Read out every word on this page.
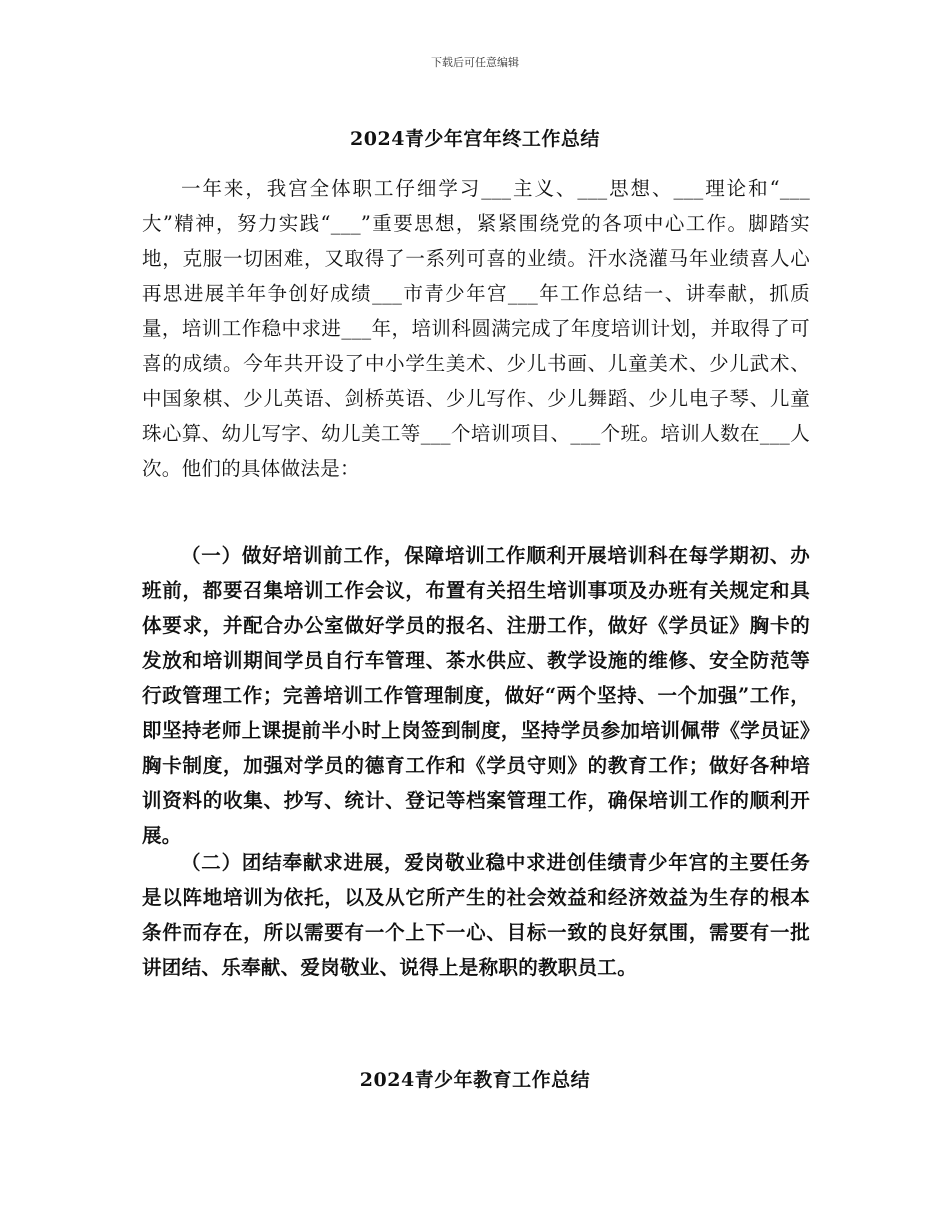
下载后可任意编辑
2024青少年宫年终工作总结

一年来，我宫全体职工仔细学习___主义、___思想、___理论和“___大”精神，努力实践“___”重要思想，紧紧围绕党的各项中心工作。脚踏实地，克服一切困难，又取得了一系列可喜的业绩。汗水浇灌马年业绩喜人心再思进展羊年争创好成绩___市青少年宫___年工作总结一、讲奉献，抓质量，培训工作稳中求进___年，培训科圆满完成了年度培训计划，并取得了可喜的成绩。今年共开设了中小学生美术、少儿书画、儿童美术、少儿武术、中国象棋、少儿英语、剑桥英语、少儿写作、少儿舞蹈、少儿电子琴、儿童珠心算、幼儿写字、幼儿美工等___个培训项目、___个班。培训人数在___人次。他们的具体做法是：

（一）做好培训前工作，保障培训工作顺利开展培训科在每学期初、办班前，都要召集培训工作会议，布置有关招生培训事项及办班有关规定和具体要求，并配合办公室做好学员的报名、注册工作，做好《学员证》胸卡的发放和培训期间学员自行车管理、茶水供应、教学设施的维修、安全防范等行政管理工作；完善培训工作管理制度，做好“两个坚持、一个加强”工作，即坚持老师上课提前半小时上岗签到制度，坚持学员参加培训佩带《学员证》胸卡制度，加强对学员的德育工作和《学员守则》的教育工作；做好各种培训资料的收集、抄写、统计、登记等档案管理工作，确保培训工作的顺利开展。

（二）团结奉献求进展，爱岗敬业稳中求进创佳绩青少年宫的主要任务是以阵地培训为依托，以及从它所产生的社会效益和经济效益为生存的根本条件而存在，所以需要有一个上下一心、目标一致的良好氛围，需要有一批讲团结、乐奉献、爱岗敬业、说得上是称职的教职员工。

2024青少年教育工作总结
